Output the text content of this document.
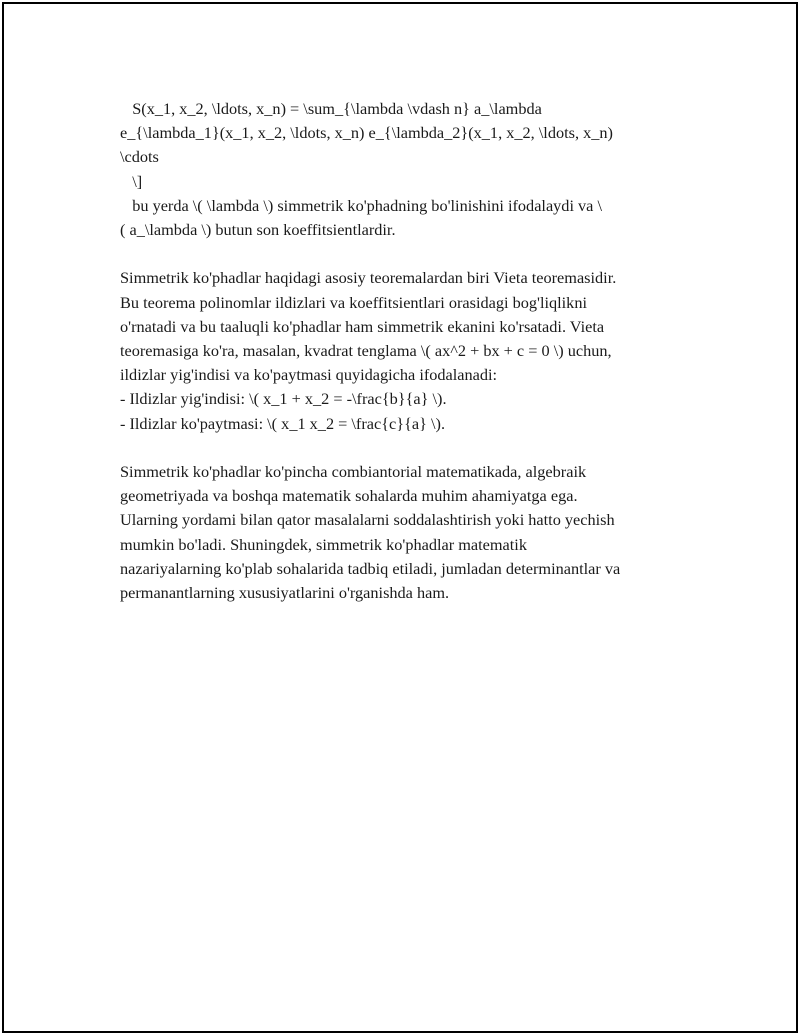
S(x_1, x_2, \ldots, x_n) = \sum_{\lambda \vdash n} a_\lambda
e_{\lambda_1}(x_1, x_2, \ldots, x_n) e_{\lambda_2}(x_1, x_2, \ldots, x_n)
\cdots
\]
bu yerda \( \lambda \) simmetrik ko'phadning bo'linishini ifodalaydi va \
( a_\lambda \) butun son koeffitsientlardir.
Simmetrik ko'phadlar haqidagi asosiy teoremalardan biri Vieta teoremasidir.
Bu teorema polinomlar ildizlari va koeffitsientlari orasidagi bog'liqlikni
o'rnatadi va bu taaluqli ko'phadlar ham simmetrik ekanini ko'rsatadi. Vieta
teoremasiga ko'ra, masalan, kvadrat tenglama \( ax^2 + bx + c = 0 \) uchun,
ildizlar yig'indisi va ko'paytmasi quyidagicha ifodalanadi:
- Ildizlar yig'indisi: \( x_1 + x_2 = -\frac{b}{a} \).
- Ildizlar ko'paytmasi: \( x_1 x_2 = \frac{c}{a} \).
Simmetrik ko'phadlar ko'pincha combiantorial matematikada, algebraik
geometriyada va boshqa matematik sohalarda muhim ahamiyatga ega.
Ularning yordami bilan qator masalalarni soddalashtirish yoki hatto yechish
mumkin bo'ladi. Shuningdek, simmetrik ko'phadlar matematik
nazariyalarning ko'plab sohalarida tadbiq etiladi, jumladan determinantlar va
permanantlarning xususiyatlarini o'rganishda ham.
